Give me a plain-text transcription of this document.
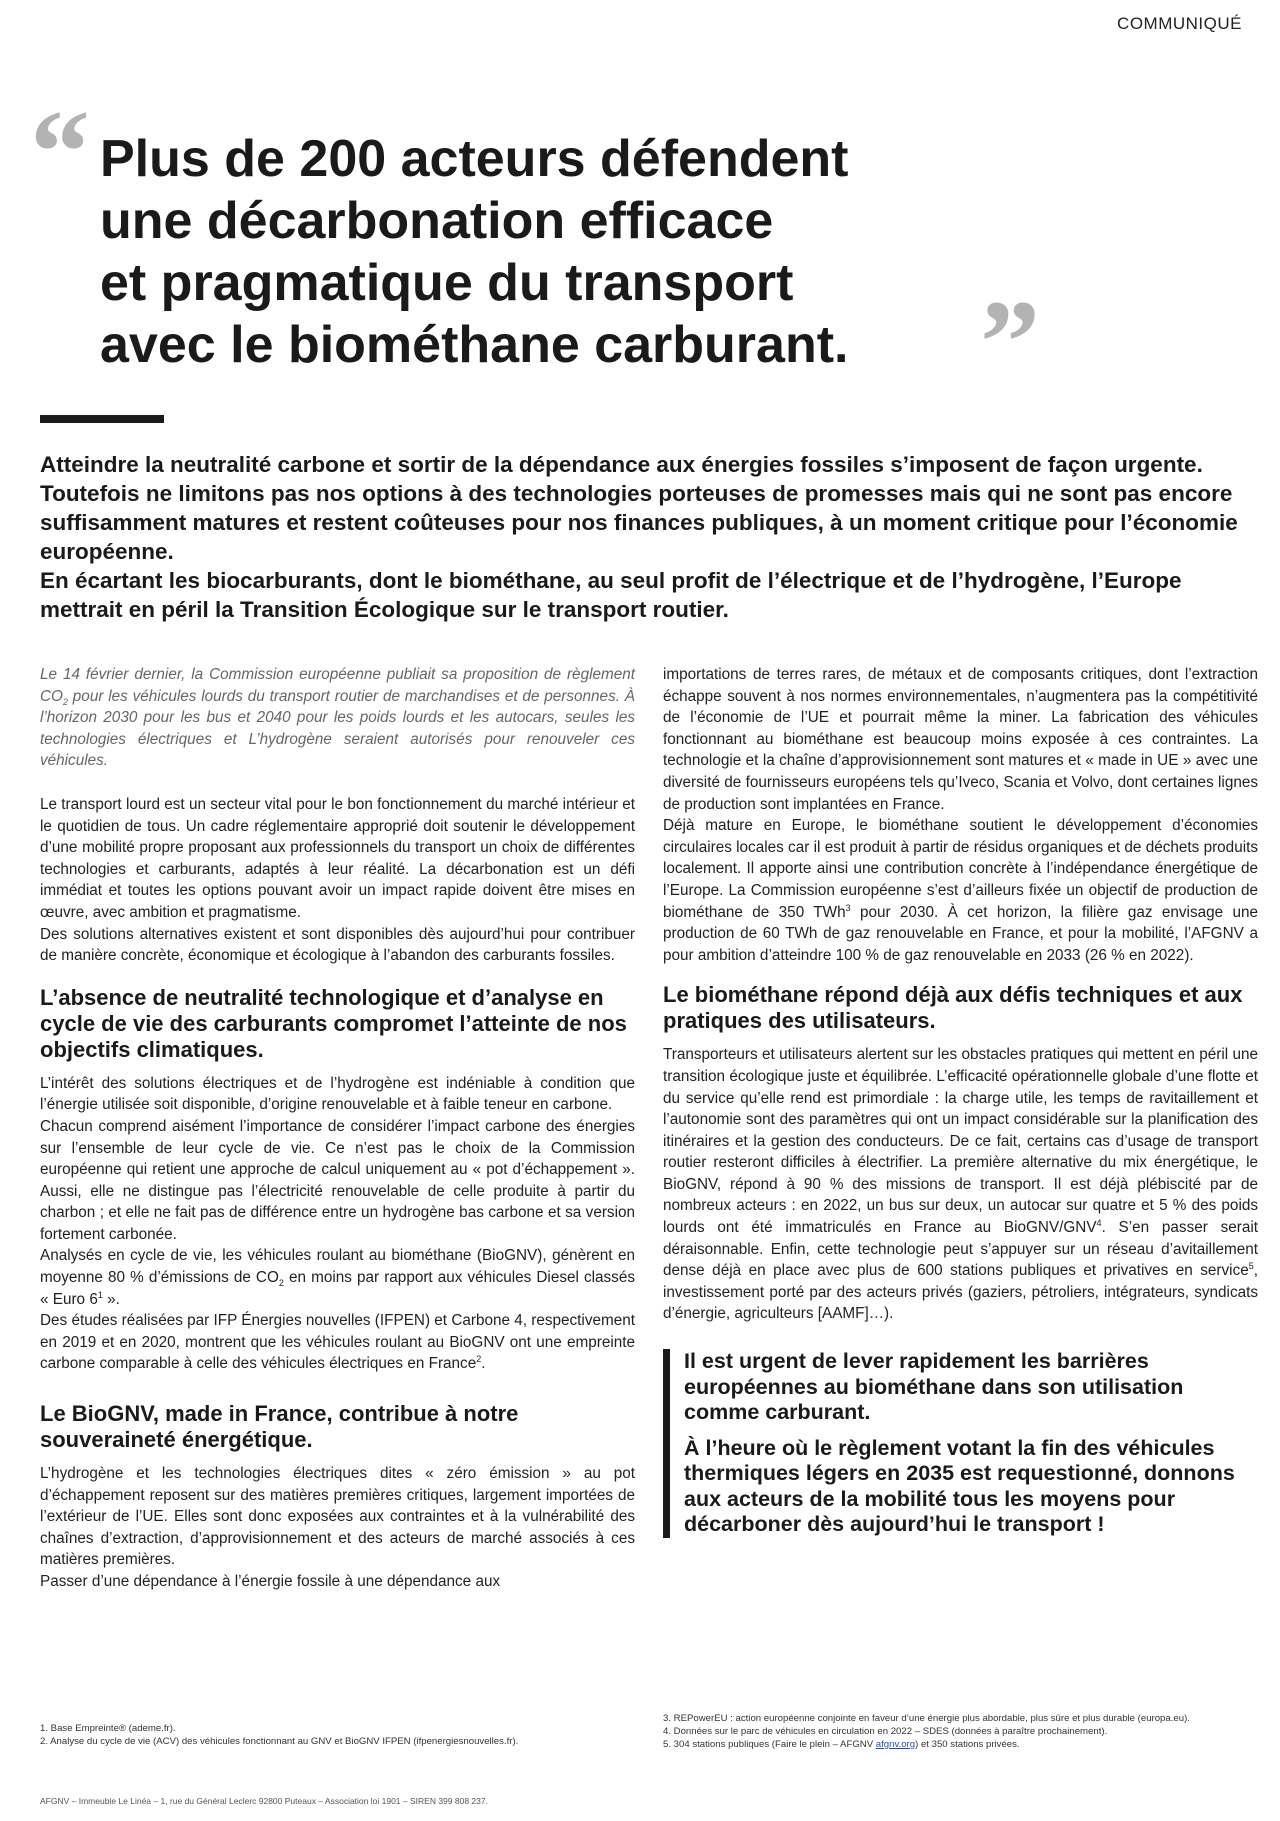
COMMUNIQUÉ
“ Plus de 200 acteurs défendent
une décarbonation efficace
et pragmatique du transport
avec le biométhane carburant.	”

Atteindre la neutralité carbone et sortir de la dépendance aux énergies fossiles s’imposent de façon urgente. Toutefois ne limitons pas nos options à des technologies porteuses de promesses mais qui ne sont pas encore suffisamment matures et restent coûteuses pour nos finances publiques, à un moment critique pour l’économie européenne.

En écartant les biocarburants, dont le biométhane, au seul profit de l’électrique et de l’hydrogène, l’Europe mettrait en péril la Transition Écologique sur le transport routier.

Le 14 février dernier, la Commission européenne publiait sa proposition de règlement $CO_2$ pour les véhicules lourds du transport routier de marchandises et de personnes. À l’horizon 2030 pour les bus et 2040 pour les poids lourds et les autocars, seules les technologies électriques et L’hydrogène seraient autorisés pour renouveler ces véhicules.

Le transport lourd est un secteur vital pour le bon fonctionnement du marché intérieur et le quotidien de tous. Un cadre réglementaire approprié doit soutenir le développement d’une mobilité propre proposant aux professionnels du transport un choix de différentes technologies et carburants, adaptés à leur réalité. La décarbonation est un défi immédiat et toutes les options pouvant avoir un impact rapide doivent être mises en œuvre, avec ambition et pragmatisme.

Des solutions alternatives existent et sont disponibles dès aujourd’hui pour contribuer de manière concrète, économique et écologique à l’abandon des carburants fossiles.

L’absence de neutralité technologique et d’analyse en cycle de vie des carburants compromet l’atteinte de nos objectifs climatiques.

L’intérêt des solutions électriques et de l’hydrogène est indéniable à condition que l’énergie utilisée soit disponible, d’origine renouvelable et à faible teneur en carbone.

Chacun comprend aisément l’importance de considérer l’impact carbone des énergies sur l’ensemble de leur cycle de vie. Ce n’est pas le choix de la Commission européenne qui retient une approche de calcul uniquement au « pot d’échappement ». Aussi, elle ne distingue pas l’électricité renouvelable de celle produite à partir du charbon ; et elle ne fait pas de différence entre un hydrogène bas carbone et sa version fortement carbonée.

Analysés en cycle de vie, les véhicules roulant au biométhane (BioGNV), génèrent en moyenne 80 % d’émissions de $CO_2$ en moins par rapport aux véhicules Diesel classés « Euro $6^1$ ».

Des études réalisées par IFP Énergies nouvelles (IFPEN) et Carbone 4, respectivement en 2019 et en 2020, montrent que les véhicules roulant au BioGNV ont une empreinte carbone comparable à celle des véhicules électriques en France$^2$.

Le BioGNV, made in France, contribue à notre souveraineté énergétique.

L’hydrogène et les technologies électriques dites « zéro émission » au pot d’échappement reposent sur des matières premières critiques, largement importées de l’extérieur de l’UE. Elles sont donc exposées aux contraintes et à la vulnérabilité des chaînes d’extraction, d’approvisionnement et des acteurs de marché associés à ces matières premières.

Passer d’une dépendance à l’énergie fossile à une dépendance aux

importations de terres rares, de métaux et de composants critiques, dont l’extraction échappe souvent à nos normes environnementales, n’augmentera pas la compétitivité de l’économie de l’UE et pourrait même la miner. La fabrication des véhicules fonctionnant au biométhane est beaucoup moins exposée à ces contraintes. La technologie et la chaîne d’approvisionnement sont matures et « made in UE » avec une diversité de fournisseurs européens tels qu’Iveco, Scania et Volvo, dont certaines lignes de production sont implantées en France.

Déjà mature en Europe, le biométhane soutient le développement d’économies circulaires locales car il est produit à partir de résidus organiques et de déchets produits localement. Il apporte ainsi une contribution concrète à l’indépendance énergétique de l’Europe. La Commission européenne s’est d’ailleurs fixée un objectif de production de biométhane de 350 TWh$^3$ pour 2030. À cet horizon, la filière gaz envisage une production de 60 TWh de gaz renouvelable en France, et pour la mobilité, l’AFGNV a pour ambition d’atteindre 100 % de gaz renouvelable en 2033 (26 % en 2022).

Le biométhane répond déjà aux défis techniques et aux pratiques des utilisateurs.

Transporteurs et utilisateurs alertent sur les obstacles pratiques qui mettent en péril une transition écologique juste et équilibrée. L’efficacité opérationnelle globale d’une flotte et du service qu’elle rend est primordiale : la charge utile, les temps de ravitaillement et l’autonomie sont des paramètres qui ont un impact considérable sur la planification des itinéraires et la gestion des conducteurs. De ce fait, certains cas d’usage de transport routier resteront difficiles à électrifier. La première alternative du mix énergétique, le BioGNV, répond à 90 % des missions de transport. Il est déjà plébiscité par de nombreux acteurs : en 2022, un bus sur deux, un autocar sur quatre et 5 % des poids lourds ont été immatriculés en France au BioGNV/GNV$^4$. S’en passer serait déraisonnable. Enfin, cette technologie peut s’appuyer sur un réseau d’avitaillement dense déjà en place avec plus de 600 stations publiques et privatives en service$^5$, investissement porté par des acteurs privés (gaziers, pétroliers, intégrateurs, syndicats d’énergie, agriculteurs [AAMF]…).

Il est urgent de lever rapidement les barrières européennes au biométhane dans son utilisation comme carburant.

À l’heure où le règlement votant la fin des véhicules thermiques légers en 2035 est requestionné, donnons aux acteurs de la mobilité tous les moyens pour décarboner dès aujourd’hui le transport !

1. Base Empreinte® (ademe.fr).

2. Analyse du cycle de vie (ACV) des véhicules fonctionnant au GNV et BioGNV IFPEN (ifpenergiesnouvelles.fr).

3. REPowerEU : action européenne conjointe en faveur d’une énergie plus abordable, plus sûre et plus durable (europa.eu).

4. Données sur le parc de véhicules en circulation en 2022 – SDES (données à paraître prochainement).

5. 304 stations publiques (Faire le plein – AFGNV afgnv.org) et 350 stations privées.

AFGNV – Immeuble Le Linéa – 1, rue du Général Leclerc 92800 Puteaux – Association loi 1901 – SIREN 399 808 237.
